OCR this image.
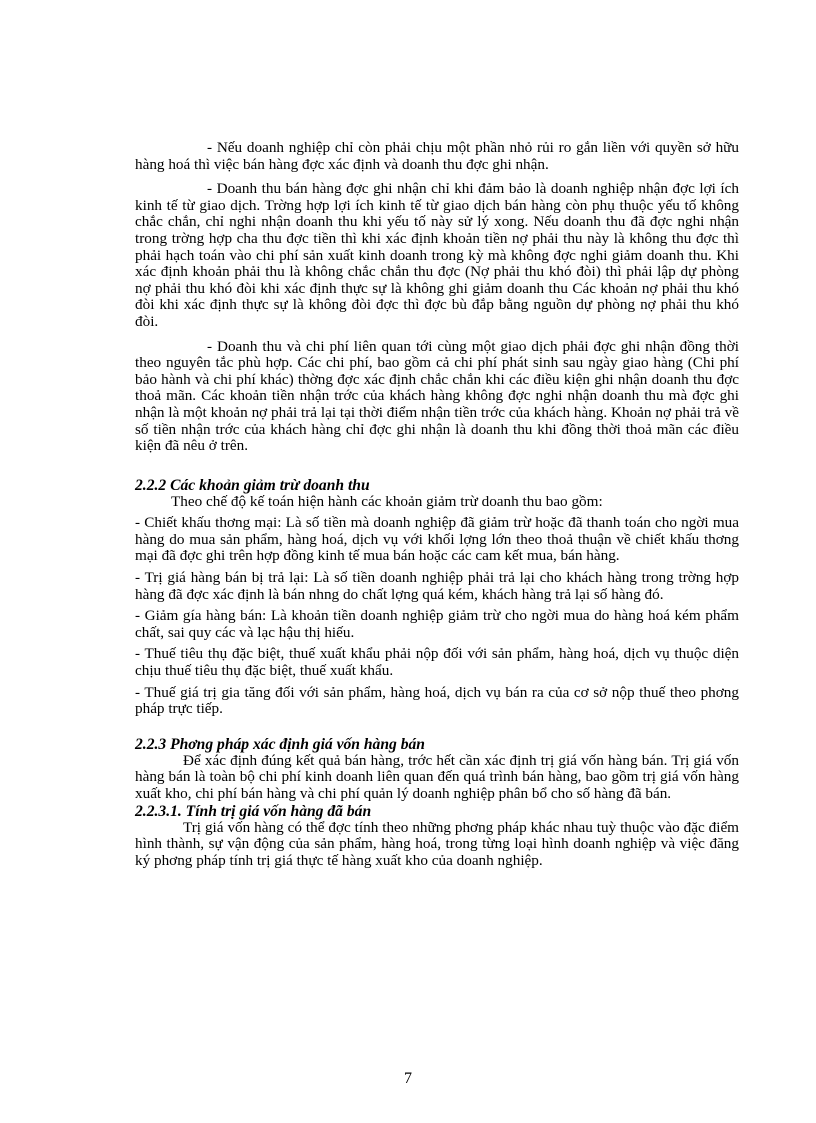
- Nếu doanh nghiệp chỉ còn phải chịu một phần nhỏ rủi ro gắn liền với quyền sở hữu hàng hoá thì việc bán hàng đợc xác định và doanh thu đợc ghi nhận.

- Doanh thu bán hàng đợc ghi nhận chỉ khi đảm bảo là doanh nghiệp nhận đợc lợi ích kinh tế từ giao dịch. Trờng hợp lợi ích kinh tế từ giao dịch bán hàng còn phụ thuộc yếu tố không chắc chắn, chỉ nghi nhận doanh thu khi yếu tố này sử lý xong. Nếu doanh thu đã đợc nghi nhận trong trờng hợp cha thu đợc tiền thì khi xác định khoản tiền nợ phải thu này là không thu đợc thì phải hạch toán vào chi phí sản xuất kinh doanh trong kỳ mà không đợc nghi giảm doanh thu. Khi xác định khoản phải thu là không chắc chắn thu đợc (Nợ phải thu khó đòi) thì phải lập dự phòng nợ phải thu khó đòi khi xác định thực sự là không ghi giảm doanh thu Các khoản nợ phải thu khó đòi khi xác định thực sự là không đòi đợc thì đợc bù đắp bằng nguồn dự phòng nợ phải thu khó đòi.

- Doanh thu và chi phí liên quan tới cùng một giao dịch phải đợc ghi nhận đồng thời theo nguyên tắc phù hợp. Các chi phí, bao gồm cả chi phí phát sinh sau ngày giao hàng (Chi phí bảo hành và chi phí khác) thờng đợc xác định chắc chắn khi các điều kiện ghi nhận doanh thu đợc thoả mãn. Các khoản tiền nhận trớc của khách hàng không đợc nghi nhận doanh thu mà đợc ghi nhận là một khoản nợ phải trả lại tại thời điểm nhận tiền trớc của khách hàng. Khoản nợ phải trả về số tiền nhận trớc của khách hàng chỉ đợc ghi nhận là doanh thu khi đồng thời thoả mãn các điều kiện đã nêu ở trên.

2.2.2 Các khoản giảm trừ doanh thu

Theo chế độ kế toán hiện hành các khoản giảm trừ doanh thu bao gồm:

- Chiết khấu thơng mại: Là số tiền mà doanh nghiệp đã giảm trừ hoặc đã thanh toán cho ngời mua hàng do mua sản phẩm, hàng hoá, dịch vụ với khối lợng lớn theo thoả thuận về chiết khấu thơng mại đã đợc ghi trên hợp đồng kinh tế mua bán hoặc các cam kết mua, bán hàng.

- Trị giá hàng bán bị trả lại: Là số tiền doanh nghiệp phải trả lại cho khách hàng trong trờng hợp hàng đã đợc xác định là bán nhng do chất lợng quá kém, khách hàng trả lại số hàng đó.

- Giảm gía hàng bán: Là khoản tiền doanh nghiệp giảm trừ cho ngời mua do hàng hoá kém phẩm chất, sai quy các và lạc hậu thị hiếu.

- Thuế tiêu thụ đặc biệt, thuế xuất khẩu phải nộp đối với sản phẩm, hàng hoá, dịch vụ thuộc diện chịu thuế tiêu thụ đặc biệt, thuế xuất khẩu.

- Thuế giá trị gia tăng đối với sản phẩm, hàng hoá, dịch vụ bán ra của cơ sở nộp thuế theo phơng pháp trực tiếp.

2.2.3 Phơng pháp xác định giá vốn hàng bán

Để xác định đúng kết quả bán hàng, trớc hết cần xác định trị giá vốn hàng bán. Trị giá vốn hàng bán là toàn bộ chi phí kinh doanh liên quan đến quá trình bán hàng, bao gồm trị giá vốn hàng xuất kho, chi phí bán hàng và chi phí quản lý doanh nghiệp phân bổ cho số hàng đã bán.

2.2.3.1. Tính trị giá vốn hàng đã bán

Trị giá vốn hàng có thể đợc tính theo những phơng pháp khác nhau tuỳ thuộc vào đặc điểm hình thành, sự vận động của sản phẩm, hàng hoá, trong từng loại hình doanh nghiệp và việc đăng ký phơng pháp tính trị giá thực tế hàng xuất kho của doanh nghiệp.

7
